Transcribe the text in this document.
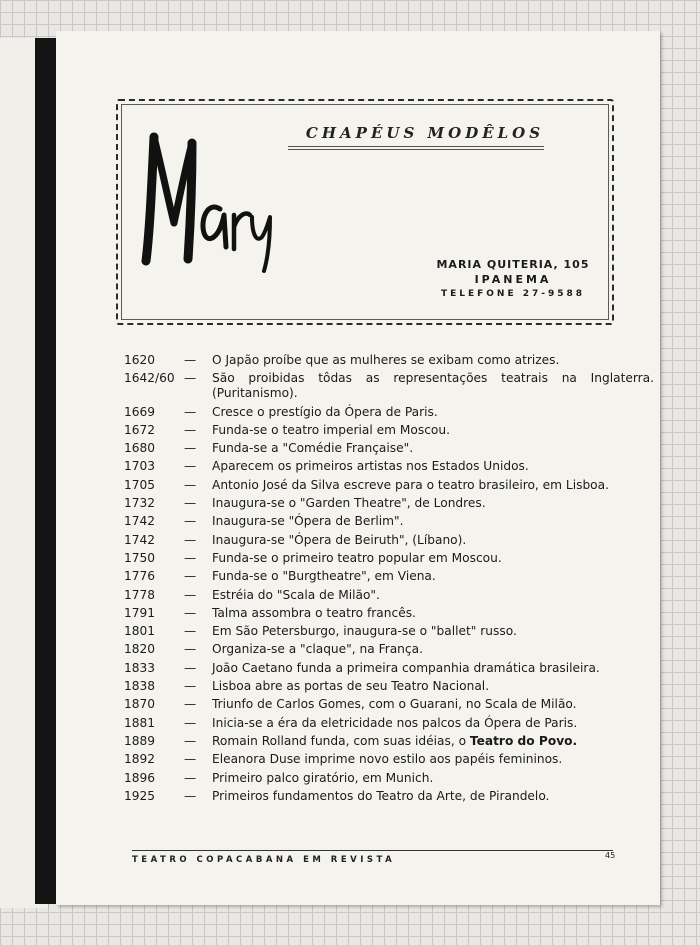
CHAPÉUS MODÊLOS
MARIA QUITERIA, 105
IPANEMA
TELEFONE 27-9588
1620	—	O Japão proíbe que as mulheres se exibam como atrizes.
1642/60 —	São proibidas tôdas as representações teatrais na Inglaterra. (Puritanismo).
1669	—	Cresce o prestígio da Ópera de Paris.
1672	—	Funda-se o teatro imperial em Moscou.
1680	—	Funda-se a "Comédie Française".
1703	—	Aparecem os primeiros artistas nos Estados Unidos.
1705	—	Antonio José da Silva escreve para o teatro brasileiro, em Lisboa.
1732	—	Inaugura-se o "Garden Theatre", de Londres.
1742	—	Inaugura-se "Ópera de Berlim".
1742	—	Inaugura-se "Ópera de Beiruth", (Líbano).
1750	—	Funda-se o primeiro teatro popular em Moscou.
1776	—	Funda-se o "Burgtheatre", em Viena.
1778	—	Estréia do "Scala de Milão".
1791	—	Talma assombra o teatro francês.
1801	—	Em São Petersburgo, inaugura-se o "ballet" russo.
1820	—	Organiza-se a "claque", na França.
1833	—	João Caetano funda a primeira companhia dramática brasileira.
1838	—	Lisboa abre as portas de seu Teatro Nacional.
1870	—	Triunfo de Carlos Gomes, com o Guarani, no Scala de Milão.
1881	—	Inicia-se a éra da eletricidade nos palcos da Ópera de Paris.
1889	—	Romain Rolland funda, com suas idéias, o Teatro do Povo.
1892	—	Eleanora Duse imprime novo estilo aos papéis femininos.
1896	—	Primeiro palco giratório, em Munich.
1925	—	Primeiros fundamentos do Teatro da Arte, de Pirandelo.
TEATRO COPACABANA EM REVISTA	45
